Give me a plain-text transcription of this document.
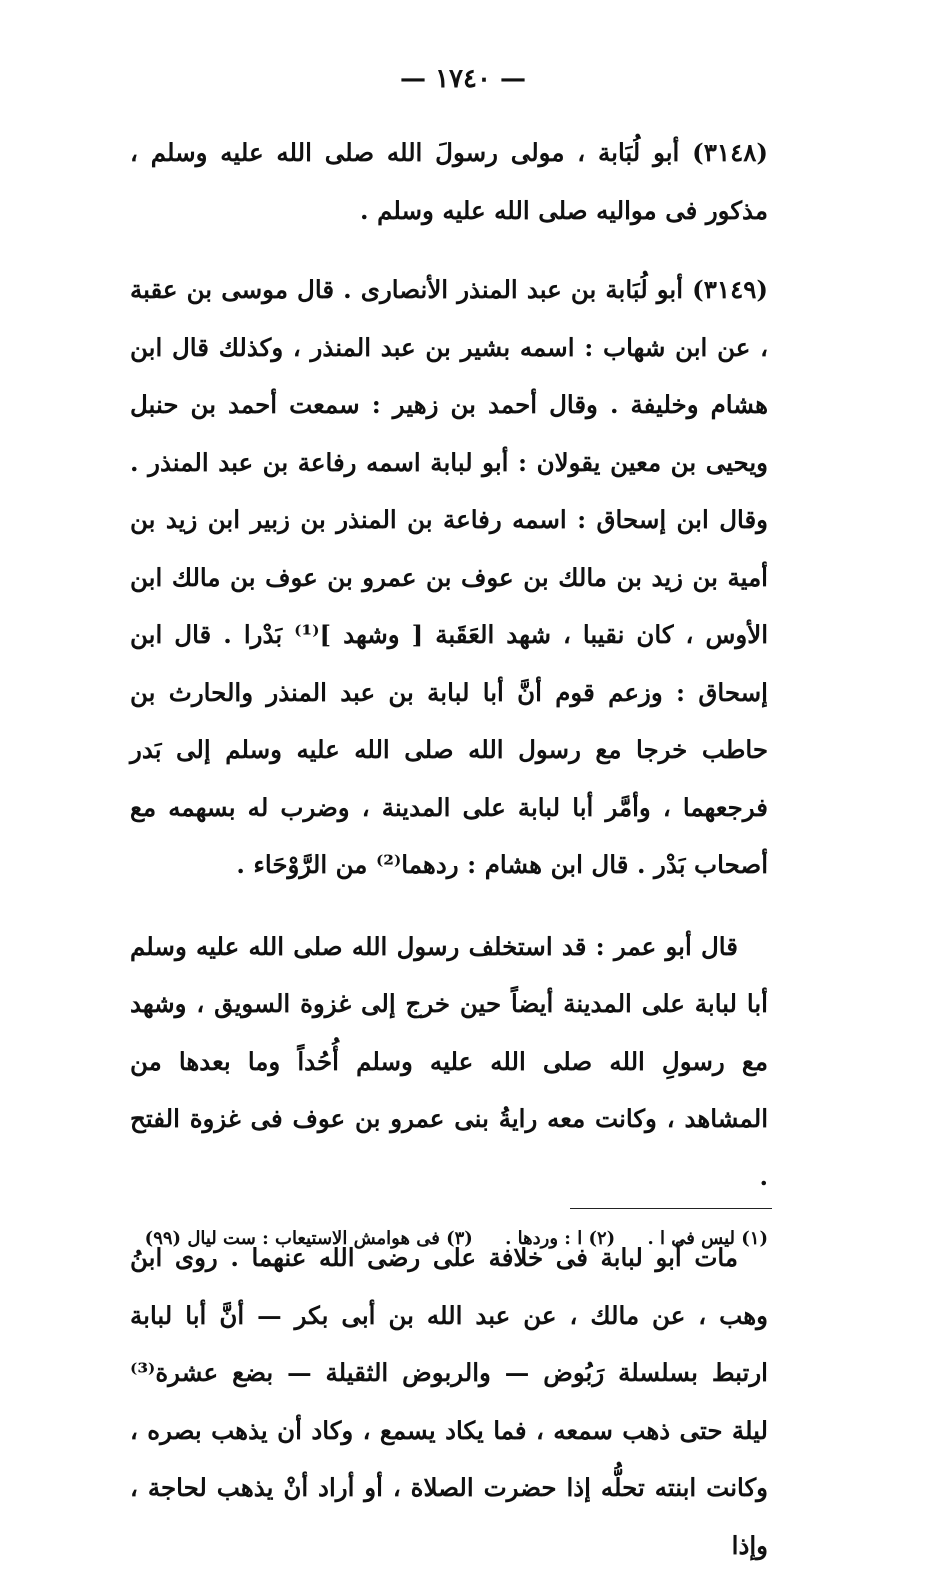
— ١٧٤٠ —

(٣١٤٨) أبو لُبَابة ، مولى رسولَ الله صلى الله عليه وسلم ، مذكور فى مواليه صلى الله عليه وسلم .

(٣١٤٩) أبو لُبَابة بن عبد المنذر الأنصارى . قال موسى بن عقبة ، عن ابن شهاب : اسمه بشير بن عبد المنذر ، وكذلك قال ابن هشام وخليفة . وقال أحمد بن زهير : سمعت أحمد بن حنبل ويحيى بن معين يقولان : أبو لبابة اسمه رفاعة بن عبد المنذر . وقال ابن إسحاق : اسمه رفاعة بن المنذر بن زبير ابن زيد بن أمية بن زيد بن مالك بن عوف بن عمرو بن عوف بن مالك ابن الأوس ، كان نقيبا ، شهد العَقَبة [ وشهد ]⁽¹⁾ بَدْرا . قال ابن إسحاق : وزعم قوم أنَّ أبا لبابة بن عبد المنذر والحارث بن حاطب خرجا مع رسول الله صلى الله عليه وسلم إلى بَدر فرجعهما ، وأمَّر أبا لبابة على المدينة ، وضرب له بسهمه مع أصحاب بَدْر . قال ابن هشام : ردهما⁽²⁾ من الرَّوْحَاء .

قال أبو عمر : قد استخلف رسول الله صلى الله عليه وسلم أبا لبابة على المدينة أيضاً حين خرج إلى غزوة السويق ، وشهد مع رسولِ الله صلى الله عليه وسلم أُحُداً وما بعدها من المشاهد ، وكانت معه رايةُ بنى عمرو بن عوف فى غزوة الفتح .

مات أبو لبابة فى خلافة على رضى الله عنهما . روى ابنُ وهب ، عن مالك ، عن عبد الله بن أبى بكر — أنَّ أبا لبابة ارتبط بسلسلة رَبُوض — والربوض الثقيلة — بضع عشرة⁽³⁾ ليلة حتى ذهب سمعه ، فما يكاد يسمع ، وكاد أن يذهب بصره ، وكانت ابنته تحلُّه إذا حضرت الصلاة ، أو أراد أنْ يذهب لحاجة ، وإذا

(١) ليس فى ا . (٢) ا : وردها . (٣) فى هوامش الاستيعاب : ست ليال (٩٩)
